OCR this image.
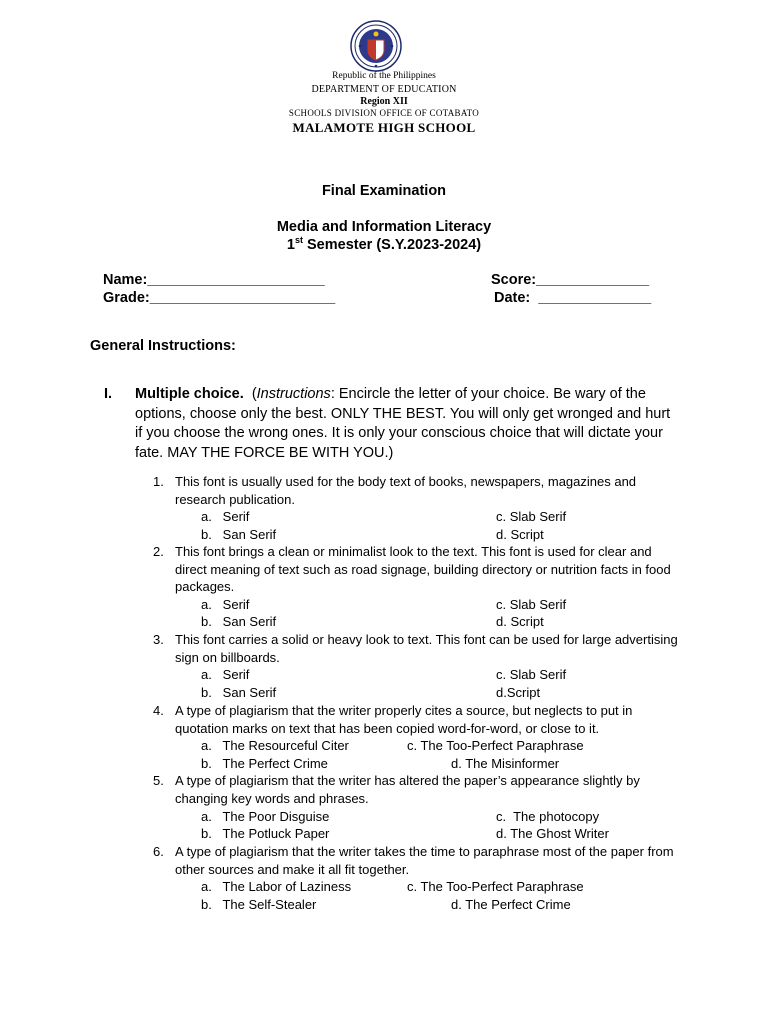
Republic of the Philippines
DEPARTMENT OF EDUCATION
Region XII
SCHOOLS DIVISION OFFICE OF COTABATO
MALAMOTE HIGH SCHOOL
Final Examination
Media and Information Literacy
1st Semester (S.Y.2023-2024)
Name:______________________
Grade:_______________________
Score:______________
Date:  ______________
General Instructions:
I. Multiple choice.  (Instructions: Encircle the letter of your choice. Be wary of the options, choose only the best. ONLY THE BEST. You will only get wronged and hurt if you choose the wrong ones. It is only your conscious choice that will dictate your fate. MAY THE FORCE BE WITH YOU.)
1. This font is usually used for the body text of books, newspapers, magazines and research publication.
a.   Serif
b.   San Serif
c. Slab Serif
d. Script
2. This font brings a clean or minimalist look to the text. This font is used for clear and direct meaning of text such as road signage, building directory or nutrition facts in food packages.
a.   Serif
b.   San Serif
c. Slab Serif
d. Script
3. This font carries a solid or heavy look to text. This font can be used for large advertising sign on billboards.
a.   Serif
b.   San Serif
c. Slab Serif
d.Script
4. A type of plagiarism that the writer properly cites a source, but neglects to put in quotation marks on text that has been copied word-for-word, or close to it.
a.   The Resourceful Citer
b.   The Perfect Crime
c. The Too-Perfect Paraphrase
d. The Misinformer
5. A type of plagiarism that the writer has altered the paper’s appearance slightly by changing key words and phrases.
a.   The Poor Disguise
b.   The Potluck Paper
c.  The photocopy
d. The Ghost Writer
6. A type of plagiarism that the writer takes the time to paraphrase most of the paper from other sources and make it all fit together.
a.   The Labor of Laziness
b.   The Self-Stealer
c. The Too-Perfect Paraphrase
d. The Perfect Crime
